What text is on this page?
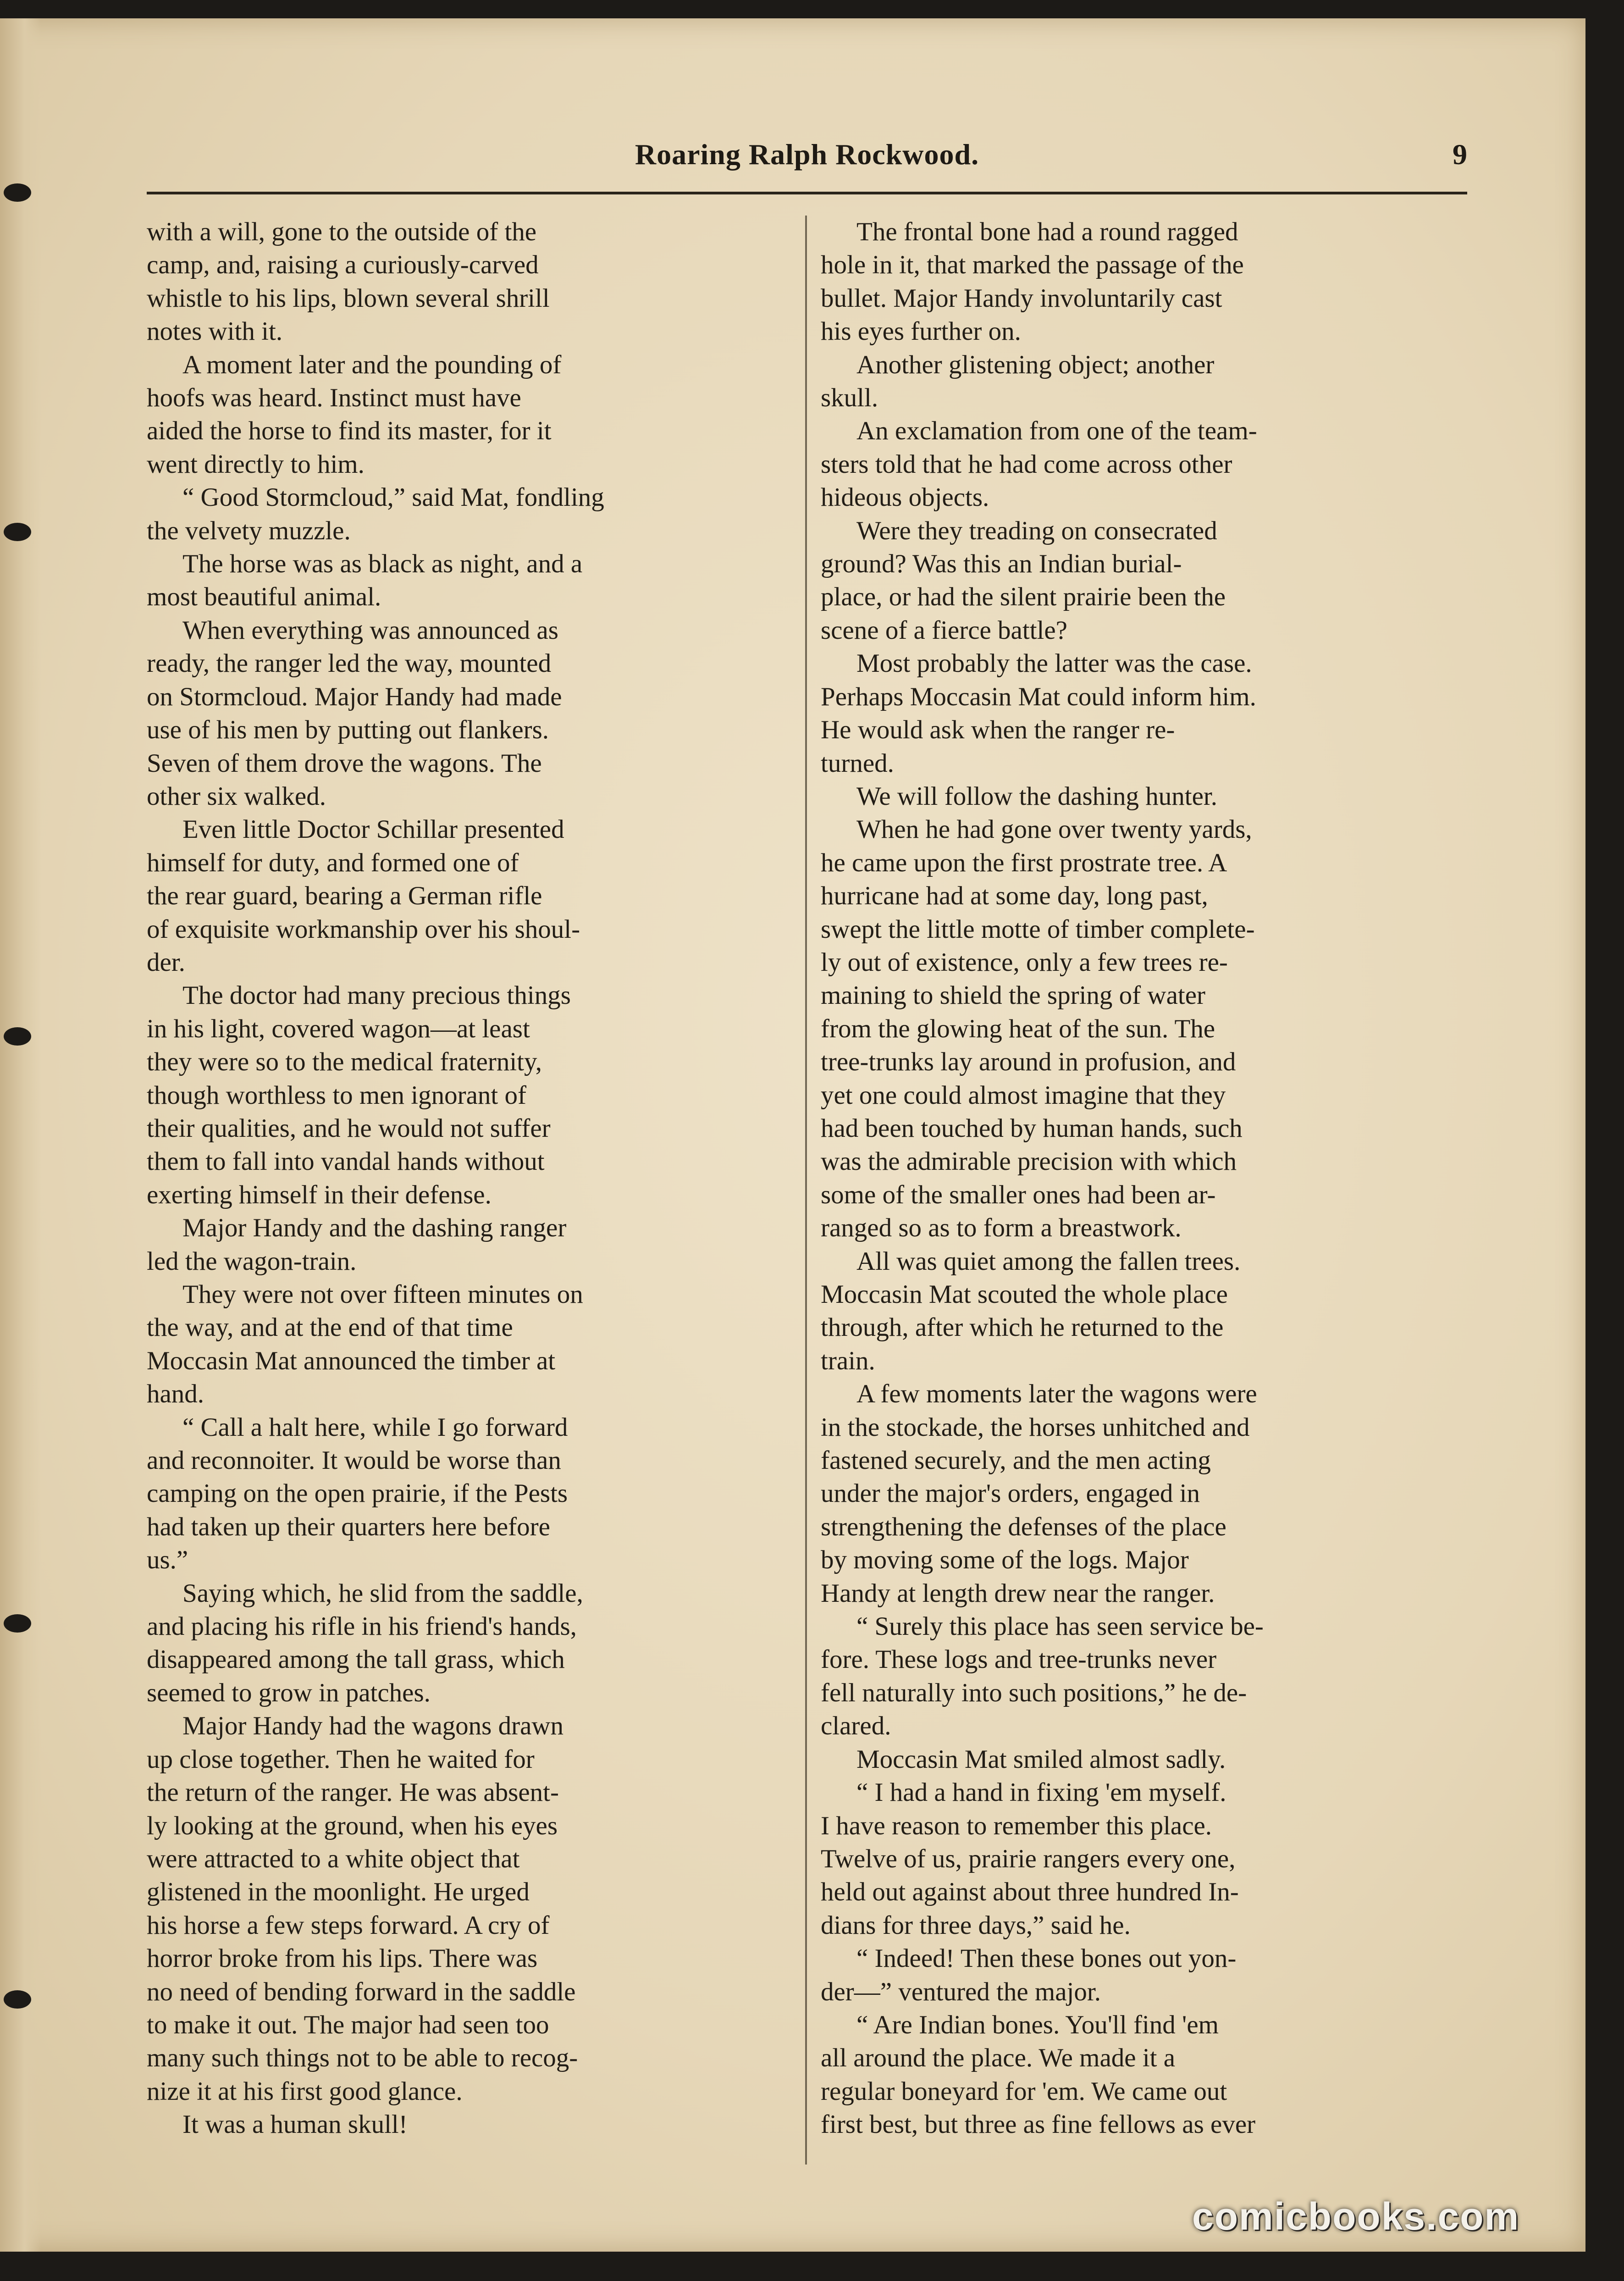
Roaring Ralph Rockwood.	9

with a will, gone to the outside of the
camp, and, raising a curiously-carved
whistle to his lips, blown several shrill
notes with it.

A moment later and the pounding of
hoofs was heard. Instinct must have
aided the horse to find its master, for it
went directly to him.

“ Good Stormcloud,” said Mat, fondling
the velvety muzzle.

The horse was as black as night, and a
most beautiful animal.

When everything was announced as
ready, the ranger led the way, mounted
on Stormcloud. Major Handy had made
use of his men by putting out flankers.
Seven of them drove the wagons. The
other six walked.

Even little Doctor Schillar presented
himself for duty, and formed one of
the rear guard, bearing a German rifle
of exquisite workmanship over his shoul-
der.

The doctor had many precious things
in his light, covered wagon—at least
they were so to the medical fraternity,
though worthless to men ignorant of
their qualities, and he would not suffer
them to fall into vandal hands without
exerting himself in their defense.

Major Handy and the dashing ranger
led the wagon-train.

They were not over fifteen minutes on
the way, and at the end of that time
Moccasin Mat announced the timber at
hand.

“ Call a halt here, while I go forward
and reconnoiter. It would be worse than
camping on the open prairie, if the Pests
had taken up their quarters here before
us.”

Saying which, he slid from the saddle,
and placing his rifle in his friend's hands,
disappeared among the tall grass, which
seemed to grow in patches.

Major Handy had the wagons drawn
up close together. Then he waited for
the return of the ranger. He was absent-
ly looking at the ground, when his eyes
were attracted to a white object that
glistened in the moonlight. He urged
his horse a few steps forward. A cry of
horror broke from his lips. There was
no need of bending forward in the saddle
to make it out. The major had seen too
many such things not to be able to recog-
nize it at his first good glance.

It was a human skull!

The frontal bone had a round ragged
hole in it, that marked the passage of the
bullet. Major Handy involuntarily cast
his eyes further on.

Another glistening object; another
skull.

An exclamation from one of the team-
sters told that he had come across other
hideous objects.

Were they treading on consecrated
ground? Was this an Indian burial-
place, or had the silent prairie been the
scene of a fierce battle?

Most probably the latter was the case.
Perhaps Moccasin Mat could inform him.
He would ask when the ranger re-
turned.

We will follow the dashing hunter.

When he had gone over twenty yards,
he came upon the first prostrate tree. A
hurricane had at some day, long past,
swept the little motte of timber complete-
ly out of existence, only a few trees re-
maining to shield the spring of water
from the glowing heat of the sun. The
tree-trunks lay around in profusion, and
yet one could almost imagine that they
had been touched by human hands, such
was the admirable precision with which
some of the smaller ones had been ar-
ranged so as to form a breastwork.

All was quiet among the fallen trees.
Moccasin Mat scouted the whole place
through, after which he returned to the
train.

A few moments later the wagons were
in the stockade, the horses unhitched and
fastened securely, and the men acting
under the major's orders, engaged in
strengthening the defenses of the place
by moving some of the logs. Major
Handy at length drew near the ranger.

“ Surely this place has seen service be-
fore. These logs and tree-trunks never
fell naturally into such positions,” he de-
clared.

Moccasin Mat smiled almost sadly.

“ I had a hand in fixing 'em myself.
I have reason to remember this place.
Twelve of us, prairie rangers every one,
held out against about three hundred In-
dians for three days,” said he.

“ Indeed! Then these bones out yon-
der—” ventured the major.

“ Are Indian bones. You'll find 'em
all around the place. We made it a
regular boneyard for 'em. We came out
first best, but three as fine fellows as ever

comicbooks.com
